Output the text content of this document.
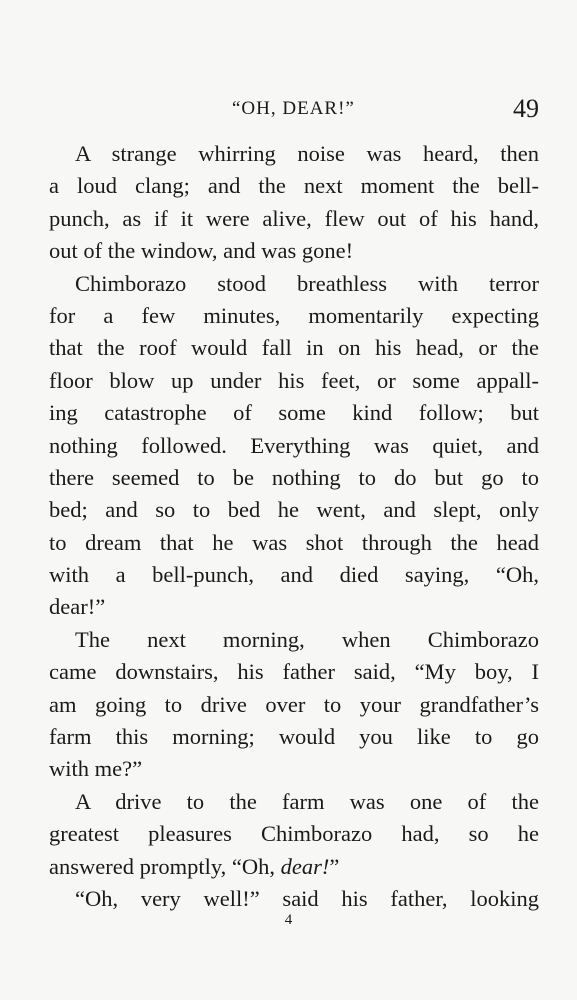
“OH, DEAR!”	49
A strange whirring noise was heard, then
a loud clang; and the next moment the bell-
punch, as if it were alive, flew out of his hand,
out of the window, and was gone!
Chimborazo stood breathless with terror
for a few minutes, momentarily expecting
that the roof would fall in on his head, or the
floor blow up under his feet, or some appall-
ing catastrophe of some kind follow; but
nothing followed. Everything was quiet, and
there seemed to be nothing to do but go to
bed; and so to bed he went, and slept, only
to dream that he was shot through the head
with a bell-punch, and died saying, “Oh,
dear!”
The next morning, when Chimborazo
came downstairs, his father said, “My boy, I
am going to drive over to your grandfather’s
farm this morning; would you like to go
with me?”
A drive to the farm was one of the
greatest pleasures Chimborazo had, so he
answered promptly, “Oh, dear!”
“Oh, very well!” said his father, looking
4
